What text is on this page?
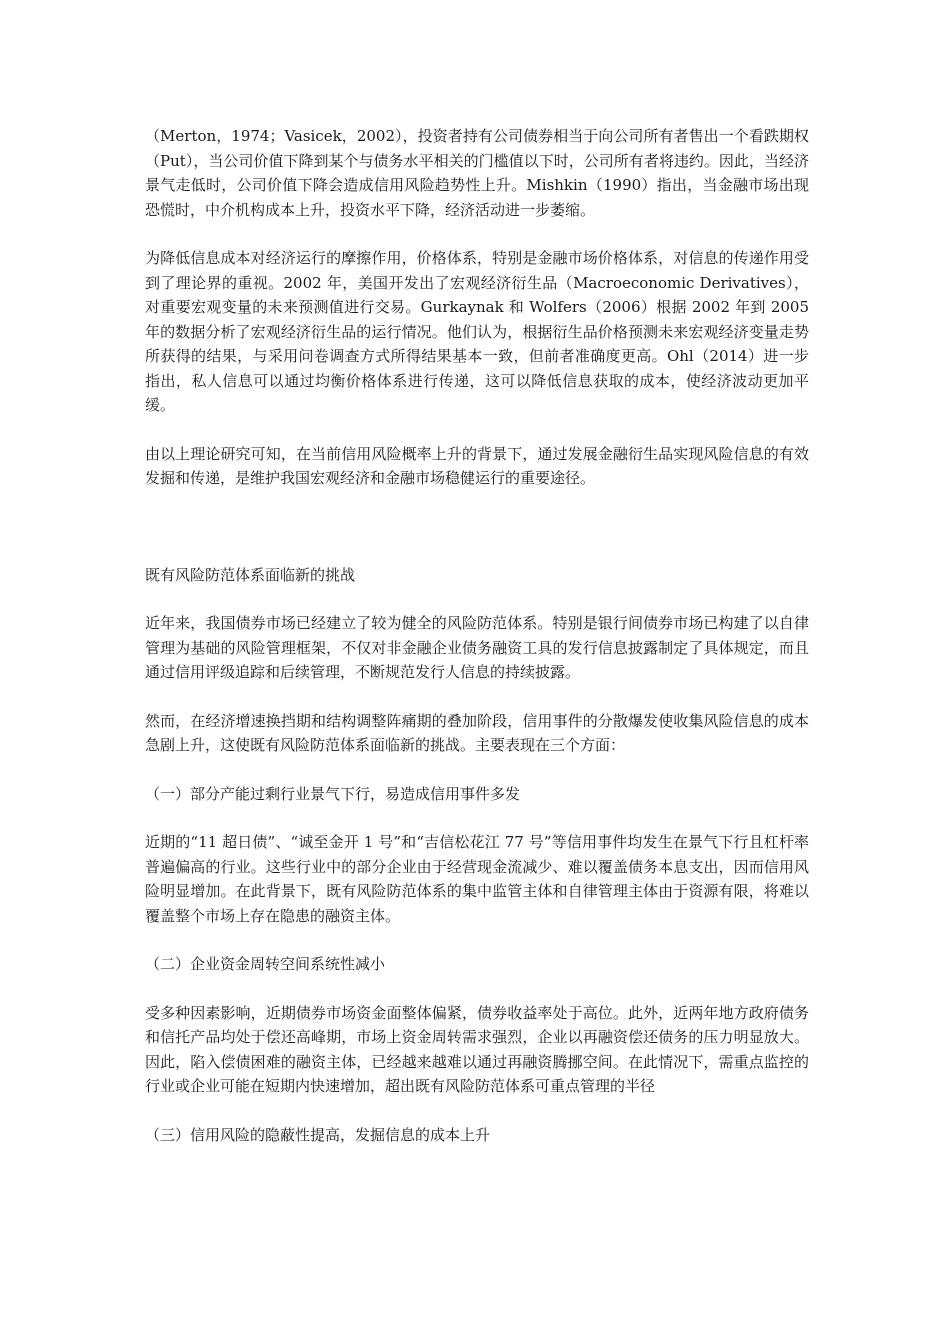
（Merton，1974；Vasicek，2002），投资者持有公司债券相当于向公司所有者售出一个看跌期权（Put），当公司价值下降到某个与债务水平相关的门槛值以下时，公司所有者将违约。因此，当经济景气走低时，公司价值下降会造成信用风险趋势性上升。Mishkin（1990）指出，当金融市场出现恐慌时，中介机构成本上升，投资水平下降，经济活动进一步萎缩。

为降低信息成本对经济运行的摩擦作用，价格体系，特别是金融市场价格体系，对信息的传递作用受到了理论界的重视。2002 年，美国开发出了宏观经济衍生品（Macroeconomic Derivatives），对重要宏观变量的未来预测值进行交易。Gurkaynak 和 Wolfers（2006）根据 2002 年到 2005 年的数据分析了宏观经济衍生品的运行情况。他们认为，根据衍生品价格预测未来宏观经济变量走势所获得的结果，与采用问卷调查方式所得结果基本一致，但前者准确度更高。Ohl（2014）进一步指出，私人信息可以通过均衡价格体系进行传递，这可以降低信息获取的成本，使经济波动更加平缓。

由以上理论研究可知，在当前信用风险概率上升的背景下，通过发展金融衍生品实现风险信息的有效发掘和传递，是维护我国宏观经济和金融市场稳健运行的重要途径。

既有风险防范体系面临新的挑战

近年来，我国债券市场已经建立了较为健全的风险防范体系。特别是银行间债券市场已构建了以自律管理为基础的风险管理框架，不仅对非金融企业债务融资工具的发行信息披露制定了具体规定，而且通过信用评级追踪和后续管理，不断规范发行人信息的持续披露。

然而，在经济增速换挡期和结构调整阵痛期的叠加阶段，信用事件的分散爆发使收集风险信息的成本急剧上升，这使既有风险防范体系面临新的挑战。主要表现在三个方面：

（一）部分产能过剩行业景气下行，易造成信用事件多发

近期的“11 超日债”、“诚至金开 1 号”和“吉信松花江 77 号”等信用事件均发生在景气下行且杠杆率普遍偏高的行业。这些行业中的部分企业由于经营现金流减少、难以覆盖债务本息支出，因而信用风险明显增加。在此背景下，既有风险防范体系的集中监管主体和自律管理主体由于资源有限，将难以覆盖整个市场上存在隐患的融资主体。

（二）企业资金周转空间系统性减小

受多种因素影响，近期债券市场资金面整体偏紧，债券收益率处于高位。此外，近两年地方政府债务和信托产品均处于偿还高峰期，市场上资金周转需求强烈，企业以再融资偿还债务的压力明显放大。因此，陷入偿债困难的融资主体，已经越来越难以通过再融资腾挪空间。在此情况下，需重点监控的行业或企业可能在短期内快速增加，超出既有风险防范体系可重点管理的半径

（三）信用风险的隐蔽性提高，发掘信息的成本上升
